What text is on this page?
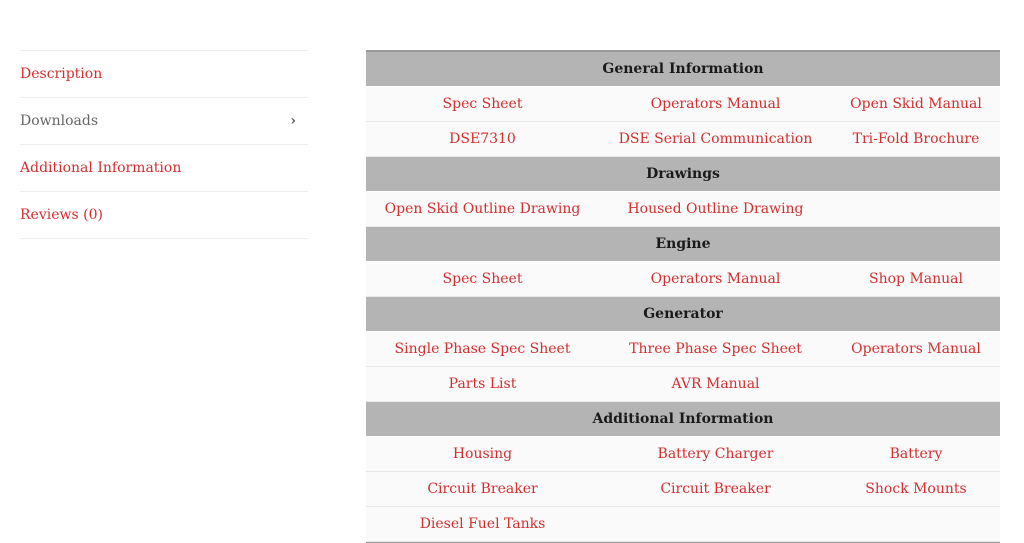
Description
Downloads	›
Additional Information
Reviews (0)
General Information		
Spec Sheet	Operators Manual	Open Skid Manual
DSE7310	DSE Serial Communication	Tri-Fold Brochure
Drawings		
Open Skid Outline Drawing	Housed Outline Drawing	
Engine		
Spec Sheet	Operators Manual	Shop Manual
Generator		
Single Phase Spec Sheet	Three Phase Spec Sheet	Operators Manual
Parts List	AVR Manual	
Additional Information		
Housing	Battery Charger	Battery
Circuit Breaker	Circuit Breaker	Shock Mounts
Diesel Fuel Tanks		
